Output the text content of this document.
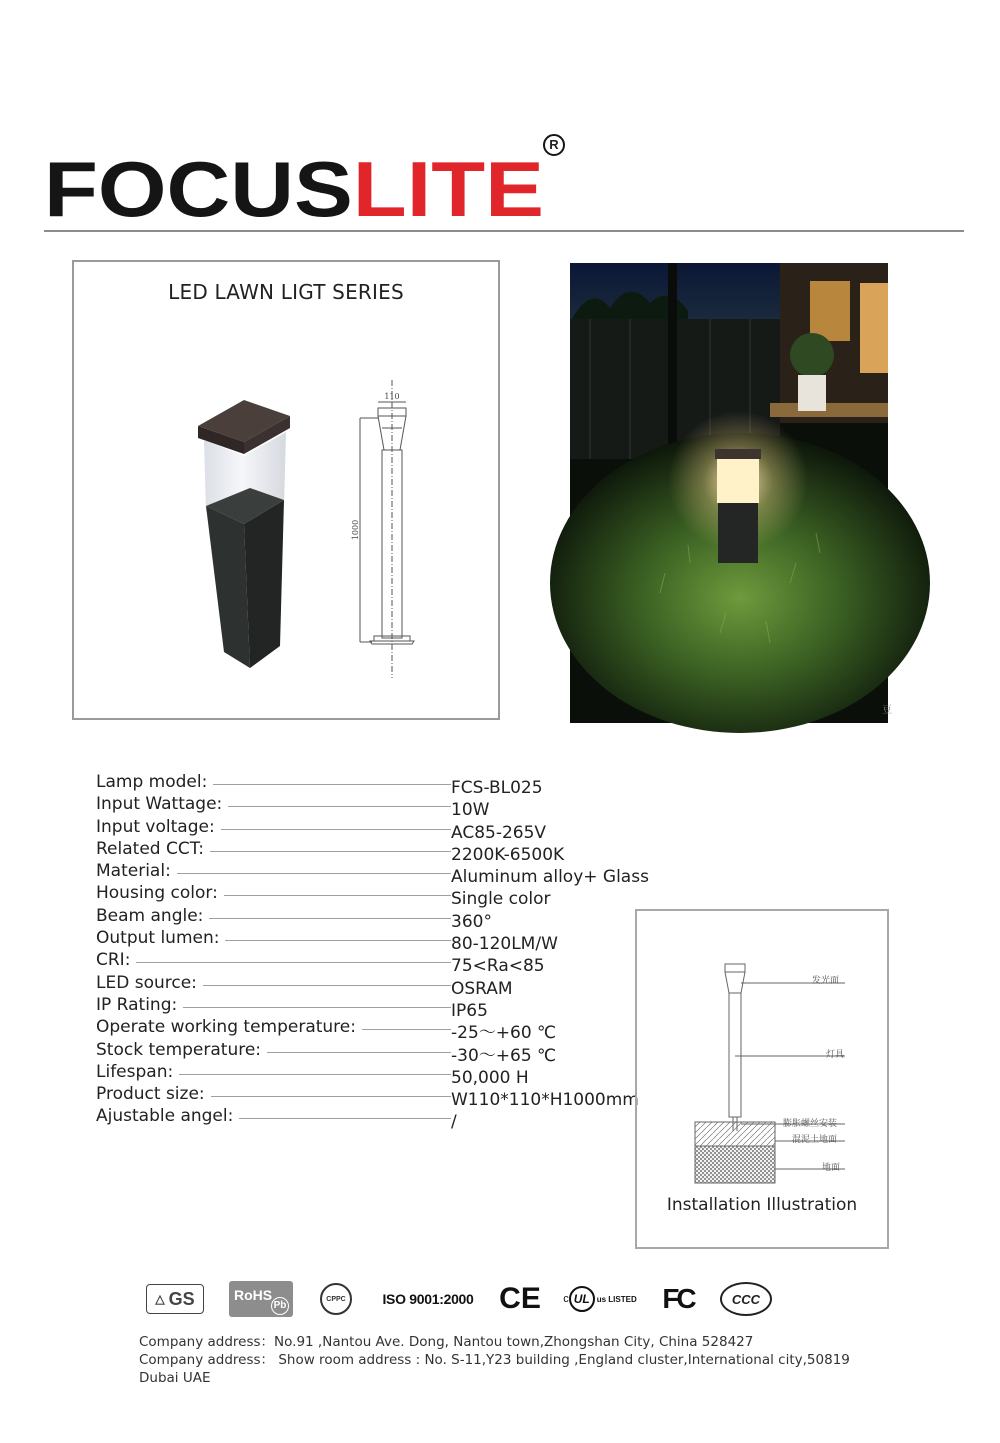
FOCUS LITE
R
LED LAWN LIGT SERIES
110
1000
豆
Lamp model:	FCS-BL025
Input Wattage:	10W
Input voltage:	AC85-265V
Related CCT:	2200K-6500K
Material:	Aluminum alloy+ Glass
Housing color:	Single color
Beam angle:	360°
Output lumen:	80-120LM/W
CRI:	75<Ra<85
LED source:	OSRAM
IP Rating:	IP65
Operate working temperature:	-25～+60 ℃
Stock temperature:	-30～+65 ℃
Lifespan:	50,000 H
Product size:	W110*110*H1000mm
Ajustable angel:	/
发光面
灯具
膨胀螺丝安装
混泥土地面
地面
Installation Illustration
△ GS	RoHS
Pb
CPPC	ISO 9001:2000 CE c UL us LISTED FC	CCC
Company address：No.91 ,Nantou Ave. Dong, Nantou town,Zhongshan City, China 528427
Company address： Show room address : No. S-11,Y23 building ,England cluster,International city,50819 Dubai UAE
